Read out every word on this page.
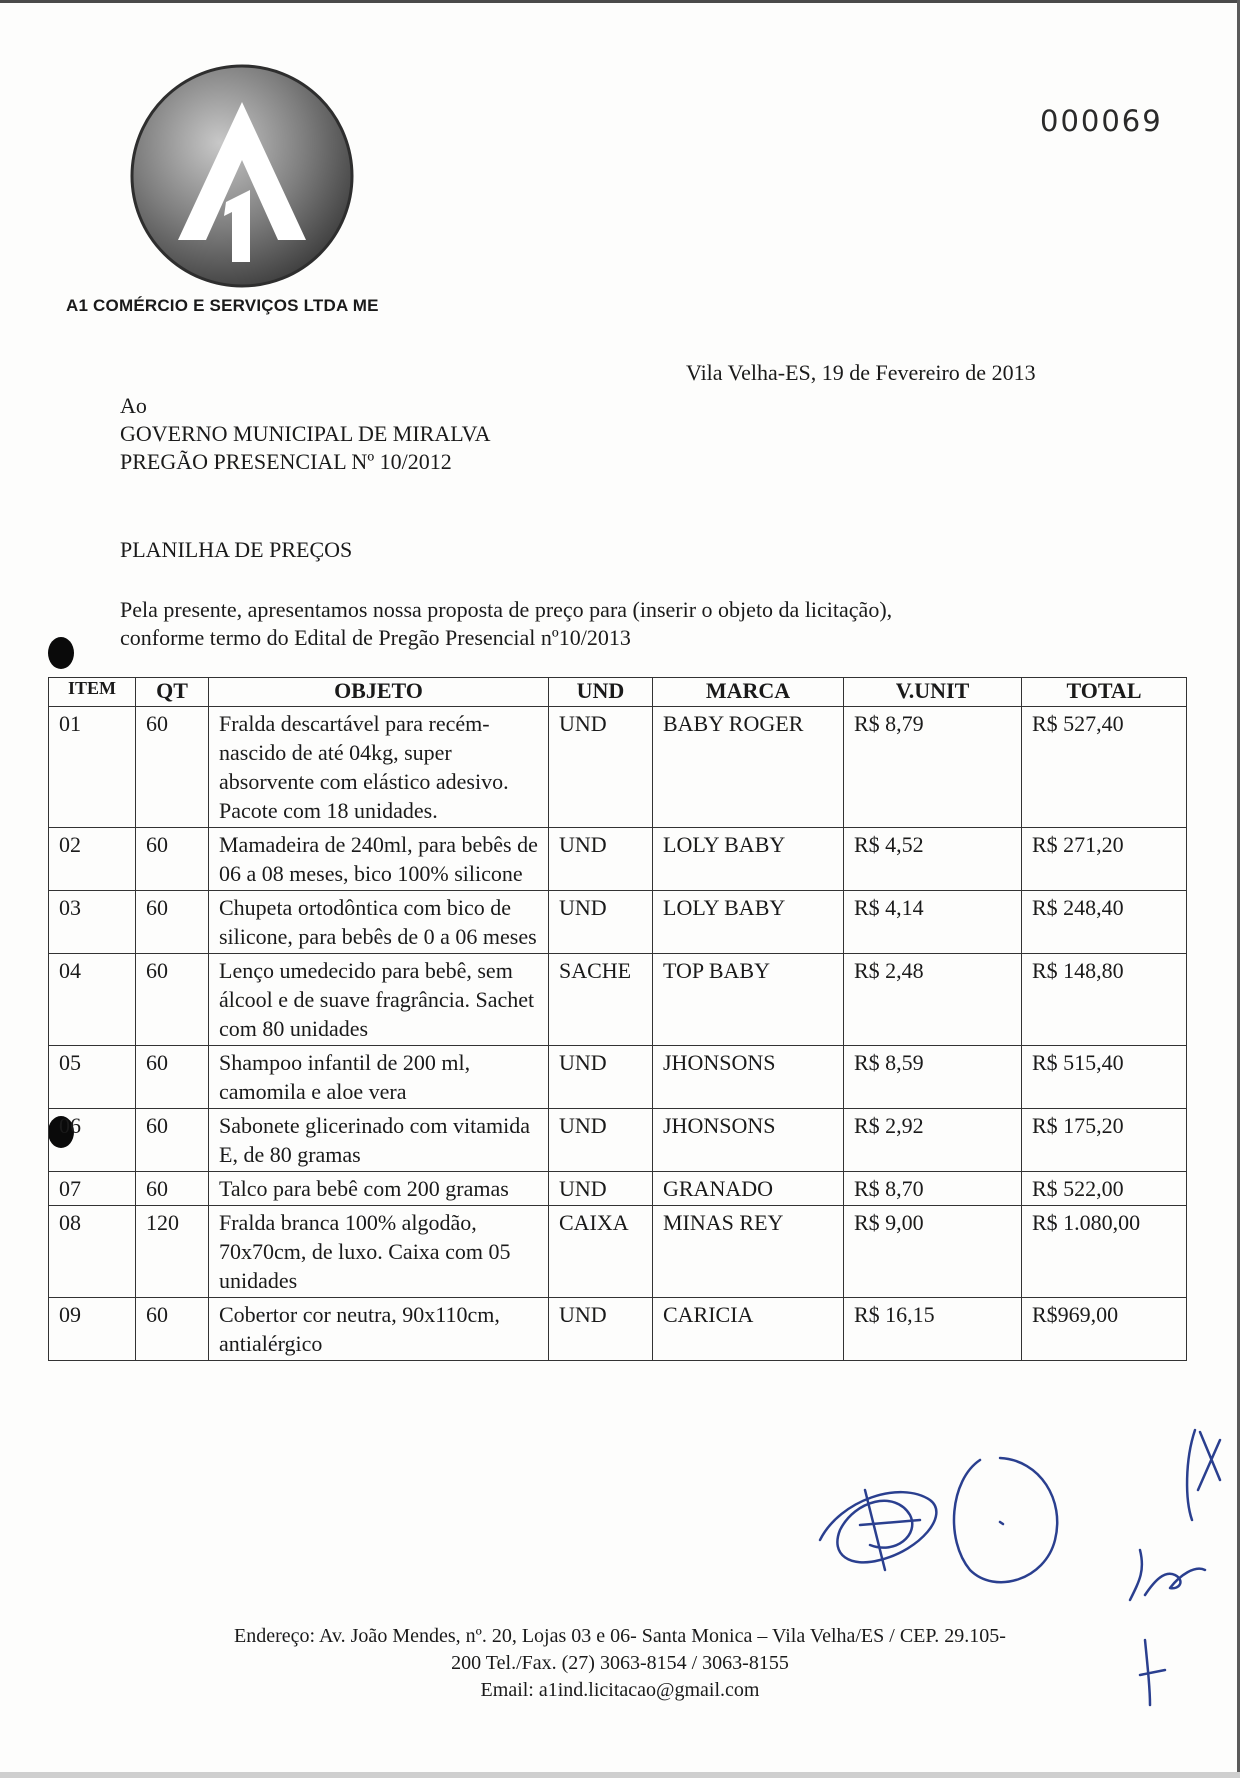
A1 COMÉRCIO E SERVIÇOS LTDA ME
000069
Vila Velha-ES, 19 de Fevereiro de 2013
Ao
GOVERNO MUNICIPAL DE MIRALVA
PREGÃO PRESENCIAL Nº 10/2012
PLANILHA DE PREÇOS
Pela presente, apresentamos nossa proposta de preço para (inserir o objeto da licitação),
conforme termo do Edital de Pregão Presencial nº10/2013
ITEM	QT	OBJETO	UND	MARCA	V.UNIT	TOTAL
01	60	Fralda descartável para recém-nascido de até 04kg, super absorvente com elástico adesivo. Pacote com 18 unidades.	UND	BABY ROGER	R$ 8,79	R$ 527,40
02	60	Mamadeira de 240ml, para bebês de 06 a 08 meses, bico 100% silicone	UND	LOLY BABY	R$ 4,52	R$ 271,20
03	60	Chupeta ortodôntica com bico de silicone, para bebês de 0 a 06 meses	UND	LOLY BABY	R$ 4,14	R$ 248,40
04	60	Lenço umedecido para bebê, sem álcool e de suave fragrância. Sachet com 80 unidades	SACHE	TOP BABY	R$ 2,48	R$ 148,80
05	60	Shampoo infantil de 200 ml, camomila e aloe vera	UND	JHONSONS	R$ 8,59	R$ 515,40
06	60	Sabonete glicerinado com vitamida E, de 80 gramas	UND	JHONSONS	R$ 2,92	R$ 175,20
07	60	Talco para bebê com 200 gramas	UND	GRANADO	R$ 8,70	R$ 522,00
08	120	Fralda branca 100% algodão, 70x70cm, de luxo. Caixa com 05 unidades	CAIXA	MINAS REY	R$ 9,00	R$ 1.080,00
09	60	Cobertor cor neutra, 90x110cm, antialérgico	UND	CARICIA	R$ 16,15	R$969,00
Endereço: Av. João Mendes, nº. 20, Lojas 03 e 06- Santa Monica – Vila Velha/ES / CEP. 29.105-
200 Tel./Fax. (27) 3063-8154 / 3063-8155
Email: a1ind.licitacao@gmail.com
